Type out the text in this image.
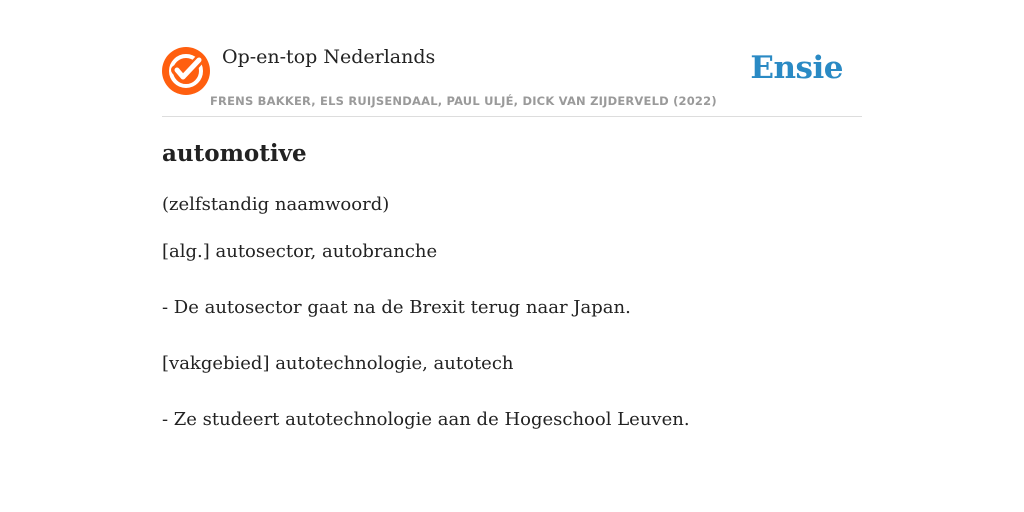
Op-en-top Nederlands
FRENS BAKKER, ELS RUIJSENDAAL, PAUL ULJÉ, DICK VAN ZIJDERVELD (2022)
Ensie
automotive
(zelfstandig naamwoord)
[alg.] autosector, autobranche
- De autosector gaat na de Brexit terug naar Japan.
[vakgebied] autotechnologie, autotech
- Ze studeert autotechnologie aan de Hogeschool Leuven.
